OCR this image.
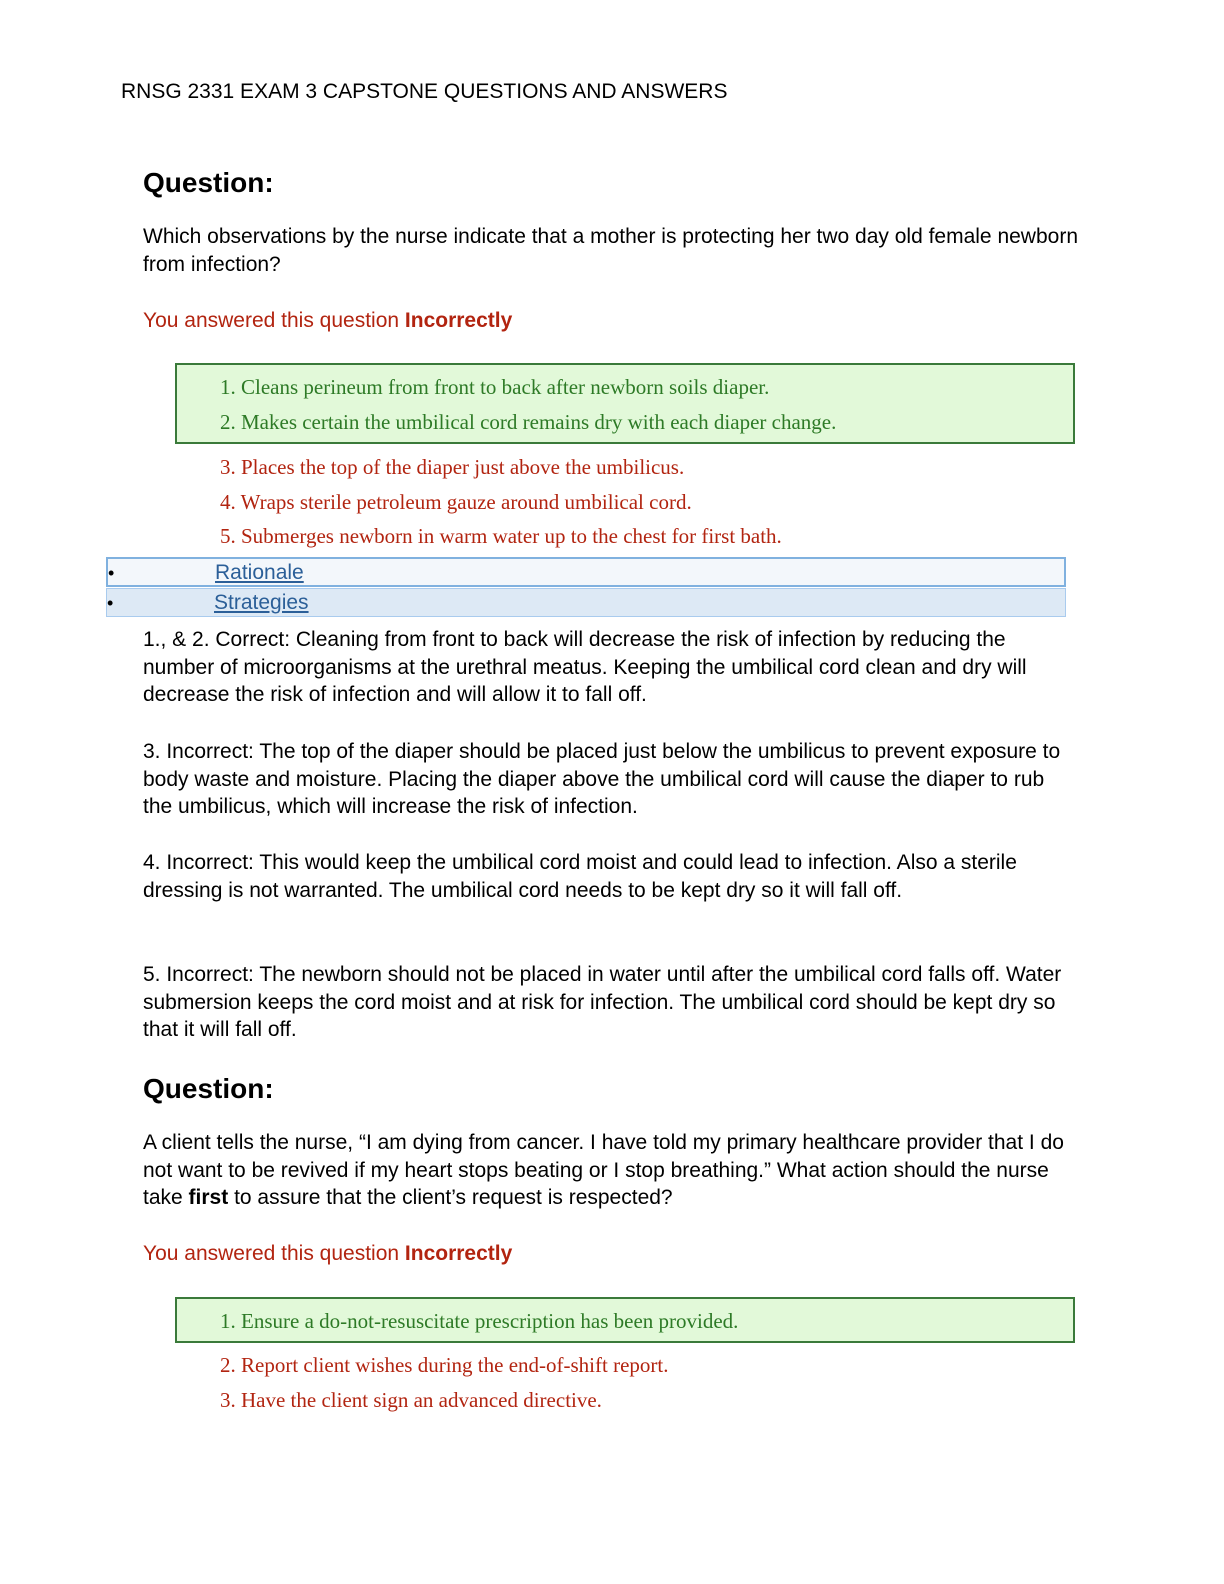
RNSG 2331 EXAM 3 CAPSTONE QUESTIONS AND ANSWERS
Question:
Which observations by the nurse indicate that a mother is protecting her two day old female newborn from infection?
You answered this question Incorrectly
1. Cleans perineum from front to back after newborn soils diaper.
2. Makes certain the umbilical cord remains dry with each diaper change.
3. Places the top of the diaper just above the umbilicus.
4. Wraps sterile petroleum gauze around umbilical cord.
5. Submerges newborn in warm water up to the chest for first bath.
•	Rationale
•	Strategies
1., & 2. Correct: Cleaning from front to back will decrease the risk of infection by reducing the number of microorganisms at the urethral meatus. Keeping the umbilical cord clean and dry will decrease the risk of infection and will allow it to fall off.
3. Incorrect: The top of the diaper should be placed just below the umbilicus to prevent exposure to body waste and moisture. Placing the diaper above the umbilical cord will cause the diaper to rub the umbilicus, which will increase the risk of infection.
4. Incorrect: This would keep the umbilical cord moist and could lead to infection. Also a sterile dressing is not warranted. The umbilical cord needs to be kept dry so it will fall off.
5. Incorrect: The newborn should not be placed in water until after the umbilical cord falls off. Water submersion keeps the cord moist and at risk for infection. The umbilical cord should be kept dry so that it will fall off.
Question:
A client tells the nurse, “I am dying from cancer. I have told my primary healthcare provider that I do not want to be revived if my heart stops beating or I stop breathing.” What action should the nurse take first to assure that the client’s request is respected?
You answered this question Incorrectly
1. Ensure a do-not-resuscitate prescription has been provided.
2. Report client wishes during the end-of-shift report.
3. Have the client sign an advanced directive.
